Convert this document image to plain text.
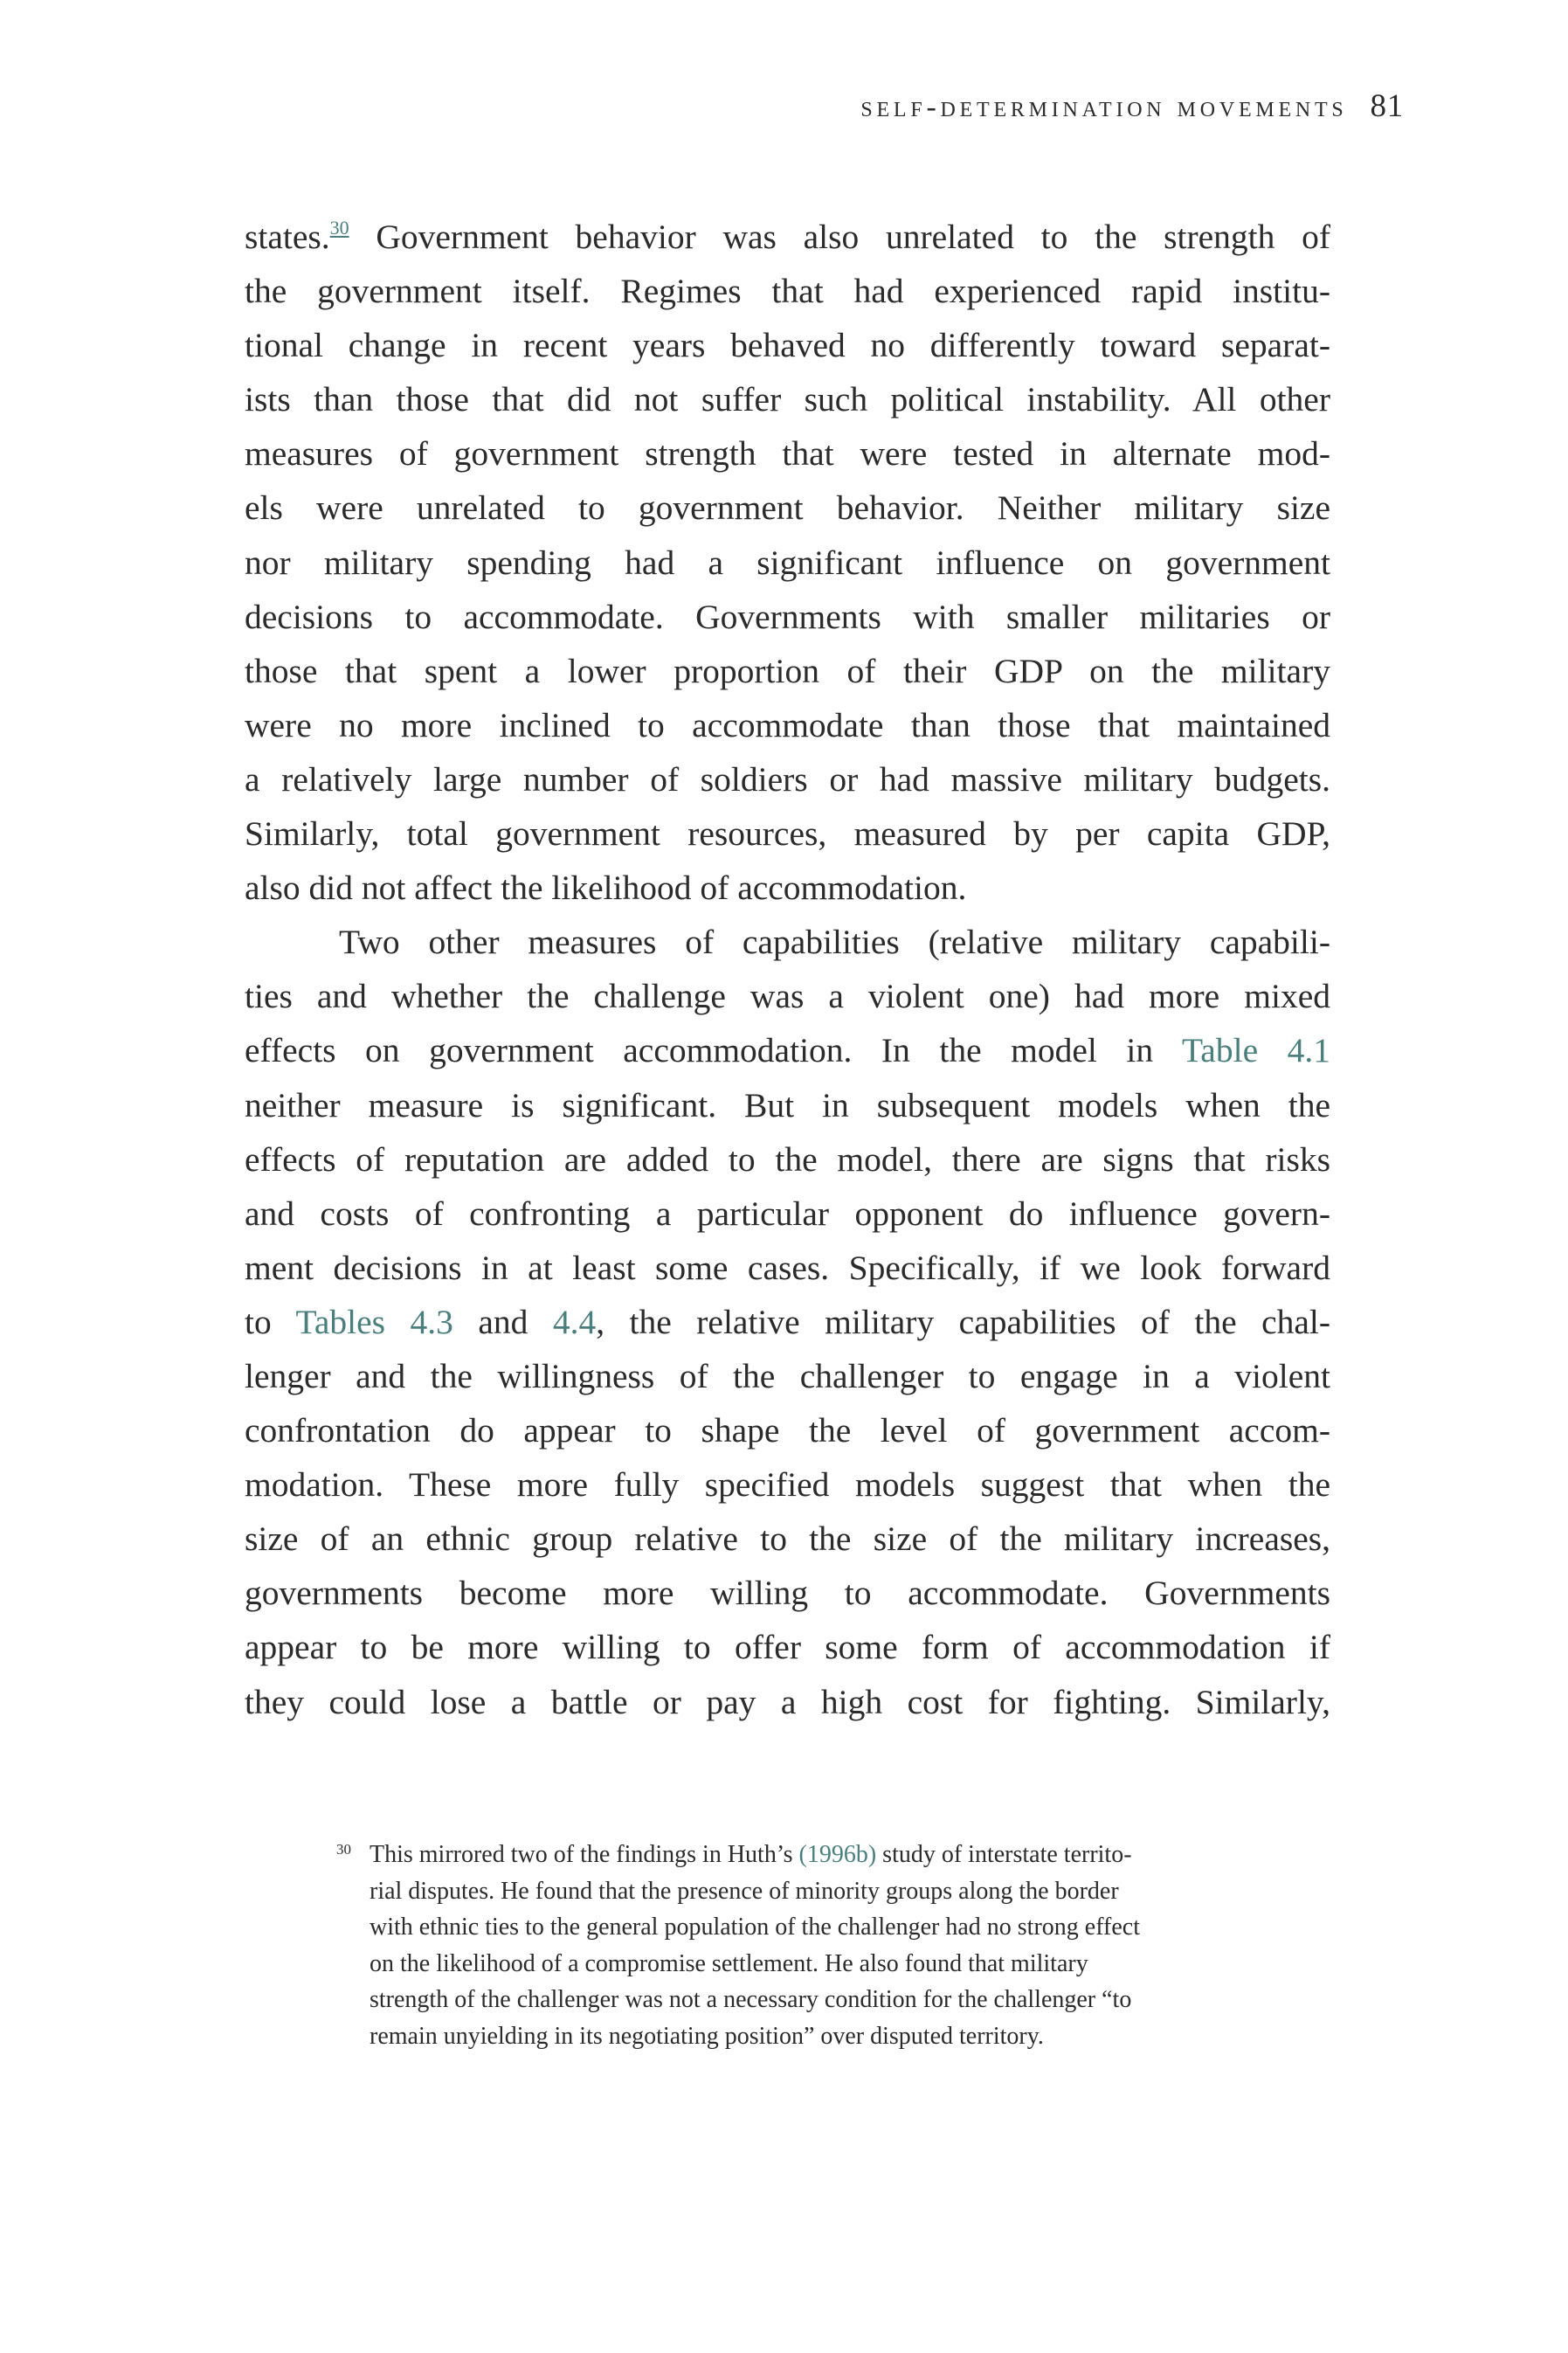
self-determination movements 81

states.$^{30}$ Government behavior was also unrelated to the strength of
the government itself. Regimes that had experienced rapid institu-
tional change in recent years behaved no differently toward separat-
ists than those that did not suffer such political instability. All other
measures of government strength that were tested in alternate mod-
els were unrelated to government behavior. Neither military size
nor military spending had a significant influence on government
decisions to accommodate. Governments with smaller militaries or
those that spent a lower proportion of their GDP on the military
were no more inclined to accommodate than those that maintained
a relatively large number of soldiers or had massive military budgets.
Similarly, total government resources, measured by per capita GDP,
also did not affect the likelihood of accommodation.

Two other measures of capabilities (relative military capabili-
ties and whether the challenge was a violent one) had more mixed
effects on government accommodation. In the model in Table 4.1
neither measure is significant. But in subsequent models when the
effects of reputation are added to the model, there are signs that risks
and costs of confronting a particular opponent do influence govern-
ment decisions in at least some cases. Specifically, if we look forward
to Tables 4.3 and 4.4, the relative military capabilities of the chal-
lenger and the willingness of the challenger to engage in a violent
confrontation do appear to shape the level of government accom-
modation. These more fully specified models suggest that when the
size of an ethnic group relative to the size of the military increases,
governments become more willing to accommodate. Governments
appear to be more willing to offer some form of accommodation if
they could lose a battle or pay a high cost for fighting. Similarly,

30 This mirrored two of the findings in Huth’s (1996b) study of interstate territo-
rial disputes. He found that the presence of minority groups along the border
with ethnic ties to the general population of the challenger had no strong effect
on the likelihood of a compromise settlement. He also found that military
strength of the challenger was not a necessary condition for the challenger “to
remain unyielding in its negotiating position” over disputed territory.
